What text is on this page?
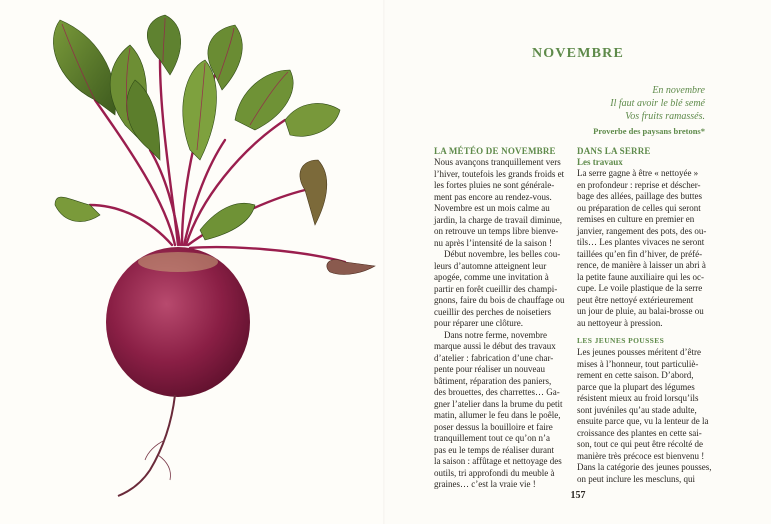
NOVEMBRE
En novembre
Il faut avoir le blé semé
Vos fruits ramassés.
Proverbe des paysans bretons*
LA MÉTÉO DE NOVEMBRE
Nous avançons tranquillement vers
l’hiver, toutefois les grands froids et
les fortes pluies ne sont générale-
ment pas encore au rendez-vous.
Novembre est un mois calme au
jardin, la charge de travail diminue,
on retrouve un temps libre bienve-
nu après l’intensité de la saison !
Début novembre, les belles cou-
leurs d’automne atteignent leur
apogée, comme une invitation à
partir en forêt cueillir des champi-
gnons, faire du bois de chauffage ou
cueillir des perches de noisetiers
pour réparer une clôture.
Dans notre ferme, novembre
marque aussi le début des travaux
d’atelier : fabrication d’une char-
pente pour réaliser un nouveau
bâtiment, réparation des paniers,
des brouettes, des charrettes… Ga-
gner l’atelier dans la brume du petit
matin, allumer le feu dans le poêle,
poser dessus la bouilloire et faire
tranquillement tout ce qu’on n’a
pas eu le temps de réaliser durant
la saison : affûtage et nettoyage des
outils, tri approfondi du meuble à
graines… c’est la vraie vie !
DANS LA SERRE
Les travaux
La serre gagne à être « nettoyée »
en profondeur : reprise et déscher-
bage des allées, paillage des buttes
ou préparation de celles qui seront
remises en culture en premier en
janvier, rangement des pots, des ou-
tils… Les plantes vivaces ne seront
taillées qu’en fin d’hiver, de préfé-
rence, de manière à laisser un abri à
la petite faune auxiliaire qui les oc-
cupe. Le voile plastique de la serre
peut être nettoyé extérieurement
un jour de pluie, au balai-brosse ou
au nettoyeur à pression.
LES JEUNES POUSSES
Les jeunes pousses méritent d’être
mises à l’honneur, tout particuliè-
rement en cette saison. D’abord,
parce que la plupart des légumes
résistent mieux au froid lorsqu’ils
sont juvéniles qu’au stade adulte,
ensuite parce que, vu la lenteur de la
croissance des plantes en cette sai-
son, tout ce qui peut être récolté de
manière très précoce est bienvenu !
Dans la catégorie des jeunes pousses,
on peut inclure les mescluns, qui
157
